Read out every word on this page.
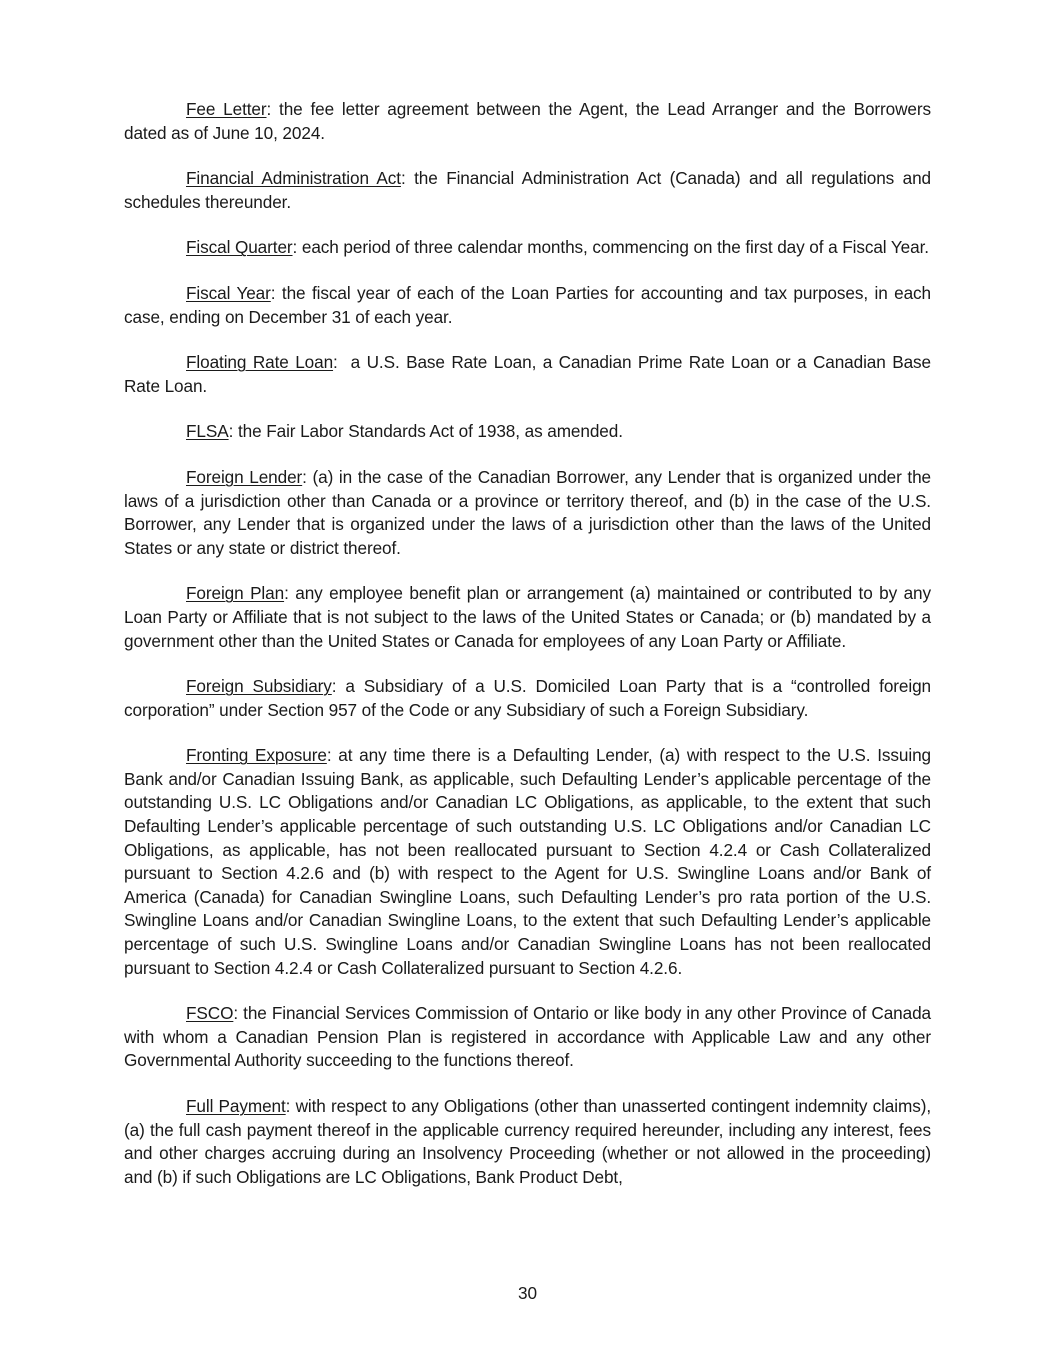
Fee Letter: the fee letter agreement between the Agent, the Lead Arranger and the Borrowers dated as of June 10, 2024.

Financial Administration Act: the Financial Administration Act (Canada) and all regulations and schedules thereunder.

Fiscal Quarter: each period of three calendar months, commencing on the first day of a Fiscal Year.

Fiscal Year: the fiscal year of each of the Loan Parties for accounting and tax purposes, in each case, ending on December 31 of each year.

Floating Rate Loan:  a U.S. Base Rate Loan, a Canadian Prime Rate Loan or a Canadian Base Rate Loan.

FLSA: the Fair Labor Standards Act of 1938, as amended.

Foreign Lender: (a) in the case of the Canadian Borrower, any Lender that is organized under the laws of a jurisdiction other than Canada or a province or territory thereof, and (b) in the case of the U.S. Borrower, any Lender that is organized under the laws of a jurisdiction other than the laws of the United States or any state or district thereof.

Foreign Plan: any employee benefit plan or arrangement (a) maintained or contributed to by any Loan Party or Affiliate that is not subject to the laws of the United States or Canada; or (b) mandated by a government other than the United States or Canada for employees of any Loan Party or Affiliate.

Foreign Subsidiary: a Subsidiary of a U.S. Domiciled Loan Party that is a “controlled foreign corporation” under Section 957 of the Code or any Subsidiary of such a Foreign Subsidiary.

Fronting Exposure: at any time there is a Defaulting Lender, (a) with respect to the U.S. Issuing Bank and/or Canadian Issuing Bank, as applicable, such Defaulting Lender’s applicable percentage of the outstanding U.S. LC Obligations and/or Canadian LC Obligations, as applicable, to the extent that such Defaulting Lender’s applicable percentage of such outstanding U.S. LC Obligations and/or Canadian LC Obligations, as applicable, has not been reallocated pursuant to Section 4.2.4 or Cash Collateralized pursuant to Section 4.2.6 and (b) with respect to the Agent for U.S. Swingline Loans and/or Bank of America (Canada) for Canadian Swingline Loans, such Defaulting Lender’s pro rata portion of the U.S. Swingline Loans and/or Canadian Swingline Loans, to the extent that such Defaulting Lender’s applicable percentage of such U.S. Swingline Loans and/or Canadian Swingline Loans has not been reallocated pursuant to Section 4.2.4 or Cash Collateralized pursuant to Section 4.2.6.

FSCO: the Financial Services Commission of Ontario or like body in any other Province of Canada with whom a Canadian Pension Plan is registered in accordance with Applicable Law and any other Governmental Authority succeeding to the functions thereof.

Full Payment: with respect to any Obligations (other than unasserted contingent indemnity claims), (a) the full cash payment thereof in the applicable currency required hereunder, including any interest, fees and other charges accruing during an Insolvency Proceeding (whether or not allowed in the proceeding) and (b) if such Obligations are LC Obligations, Bank Product Debt,

30
